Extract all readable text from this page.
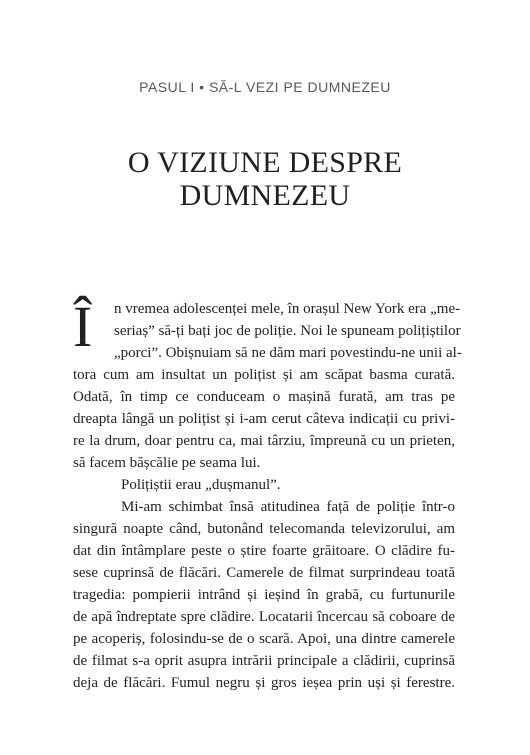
PASUL I • SĂ-L VEZI PE DUMNEZEU
O VIZIUNE DESPRE
DUMNEZEU
Î n vremea adolescenței mele, în orașul New York era „me-
seriaș” să-ți bați joc de poliție. Noi le spuneam polițiștilor
„porci”. Obișnuiam să ne dăm mari povestindu-ne unii al-
tora cum am insultat un polițist și am scăpat basma curată.
Odată, în timp ce conduceam o mașină furată, am tras pe
dreapta lângă un polițist și i-am cerut câteva indicații cu privi-
re la drum, doar pentru ca, mai târziu, împreună cu un prieten,
să facem bășcălie pe seama lui.
Polițiștii erau „dușmanul”.
Mi-am schimbat însă atitudinea față de poliție într-o
singură noapte când, butonând telecomanda televizorului, am
dat din întâmplare peste o știre foarte grăitoare. O clădire fu-
sese cuprinsă de flăcări. Camerele de filmat surprindeau toată
tragedia: pompierii intrând și ieșind în grabă, cu furtunurile
de apă îndreptate spre clădire. Locatarii încercau să coboare de
pe acoperiș, folosindu-se de o scară. Apoi, una dintre camerele
de filmat s-a oprit asupra intrării principale a clădirii, cuprinsă
deja de flăcări. Fumul negru și gros ieșea prin uși și ferestre.
